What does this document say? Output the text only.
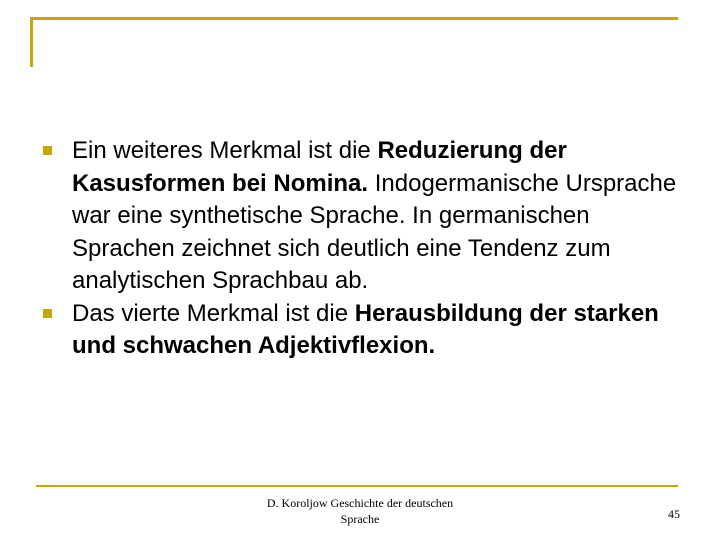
Ein weiteres Merkmal ist die Reduzierung der Kasusformen bei Nomina. Indogermanische Ursprache war eine synthetische Sprache. In germanischen Sprachen zeichnet sich deutlich eine Tendenz zum analytischen Sprachbau ab.
Das vierte Merkmal ist die Herausbildung der starken und schwachen Adjektivflexion.
D. Koroljow Geschichte der deutschen
Sprache	45
